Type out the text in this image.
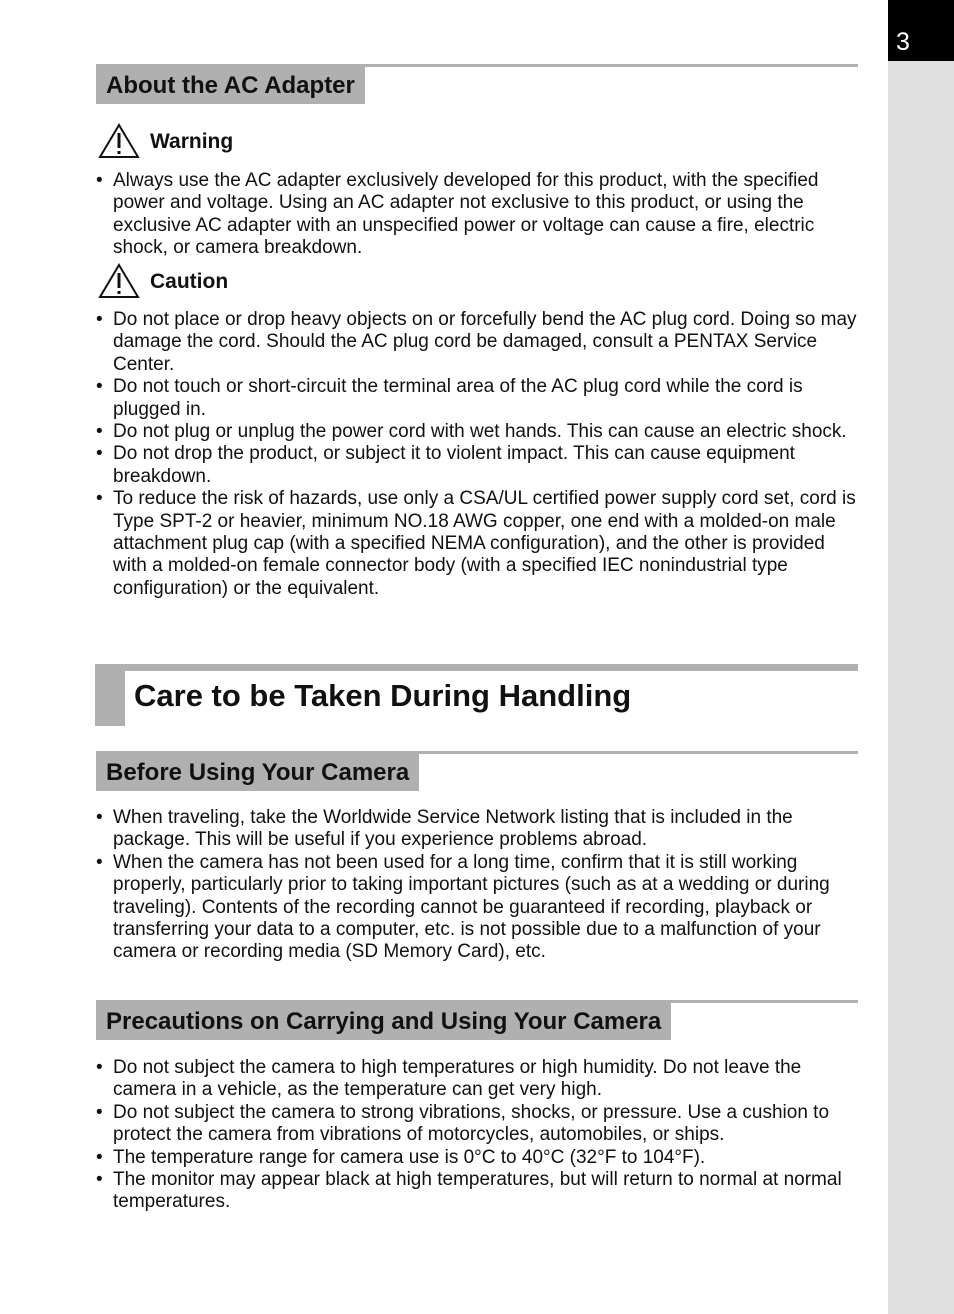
3
About the AC Adapter
Warning
• Always use the AC adapter exclusively developed for this product, with the specified power and voltage. Using an AC adapter not exclusive to this product, or using the exclusive AC adapter with an unspecified power or voltage can cause a fire, electric shock, or camera breakdown.
Caution
• Do not place or drop heavy objects on or forcefully bend the AC plug cord. Doing so may damage the cord. Should the AC plug cord be damaged, consult a PENTAX Service Center.
• Do not touch or short-circuit the terminal area of the AC plug cord while the cord is plugged in.
• Do not plug or unplug the power cord with wet hands. This can cause an electric shock.
• Do not drop the product, or subject it to violent impact. This can cause equipment breakdown.
• To reduce the risk of hazards, use only a CSA/UL certified power supply cord set, cord is Type SPT-2 or heavier, minimum NO.18 AWG copper, one end with a molded-on male attachment plug cap (with a specified NEMA configuration), and the other is provided with a molded-on female connector body (with a specified IEC nonindustrial type configuration) or the equivalent.
Care to be Taken During Handling
Before Using Your Camera
• When traveling, take the Worldwide Service Network listing that is included in the package. This will be useful if you experience problems abroad.
• When the camera has not been used for a long time, confirm that it is still working properly, particularly prior to taking important pictures (such as at a wedding or during traveling). Contents of the recording cannot be guaranteed if recording, playback or transferring your data to a computer, etc. is not possible due to a malfunction of your camera or recording media (SD Memory Card), etc.
Precautions on Carrying and Using Your Camera
• Do not subject the camera to high temperatures or high humidity. Do not leave the camera in a vehicle, as the temperature can get very high.
• Do not subject the camera to strong vibrations, shocks, or pressure. Use a cushion to protect the camera from vibrations of motorcycles, automobiles, or ships.
• The temperature range for camera use is 0°C to 40°C (32°F to 104°F).
• The monitor may appear black at high temperatures, but will return to normal at normal temperatures.
